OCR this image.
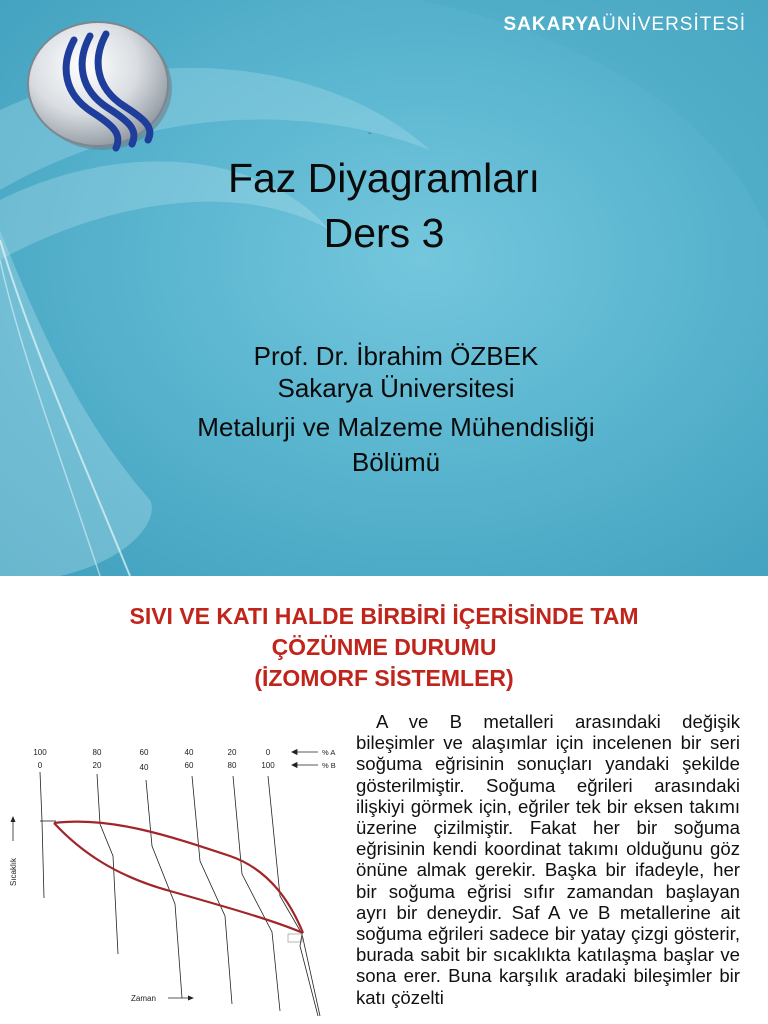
SAKARYAÜNİVERSİTESİ
-
Faz Diyagramları
Ders 3
Prof. Dr. İbrahim ÖZBEK
Sakarya Üniversitesi
Metalurji ve Malzeme Mühendisliği
Bölümü
SIVI VE KATI HALDE BİRBİRİ İÇERİSİNDE TAM
ÇÖZÜNME DURUMU
(İZOMORF SİSTEMLER)
100	80	60	40	20	0
0	20	40	60	80	100
% A
% B
Sıcaklık
Zaman
A ve B metalleri arasındaki değişik bileşimler ve alaşımlar için incelenen bir seri soğuma eğrisinin sonuçları yandaki şekilde gösterilmiştir. Soğuma eğrileri arasındaki ilişkiyi görmek için, eğriler tek bir eksen takımı üzerine çizilmiştir. Fakat her bir soğuma eğrisinin kendi koordinat takımı olduğunu göz önüne almak gerekir. Başka bir ifadeyle, her bir soğuma eğrisi sıfır zamandan başlayan ayrı bir deneydir. Saf A ve B metallerine ait soğuma eğrileri sadece bir yatay çizgi gösterir, burada sabit bir sıcaklıkta katılaşma başlar ve sona erer. Buna karşılık aradaki bileşimler bir katı çözelti
